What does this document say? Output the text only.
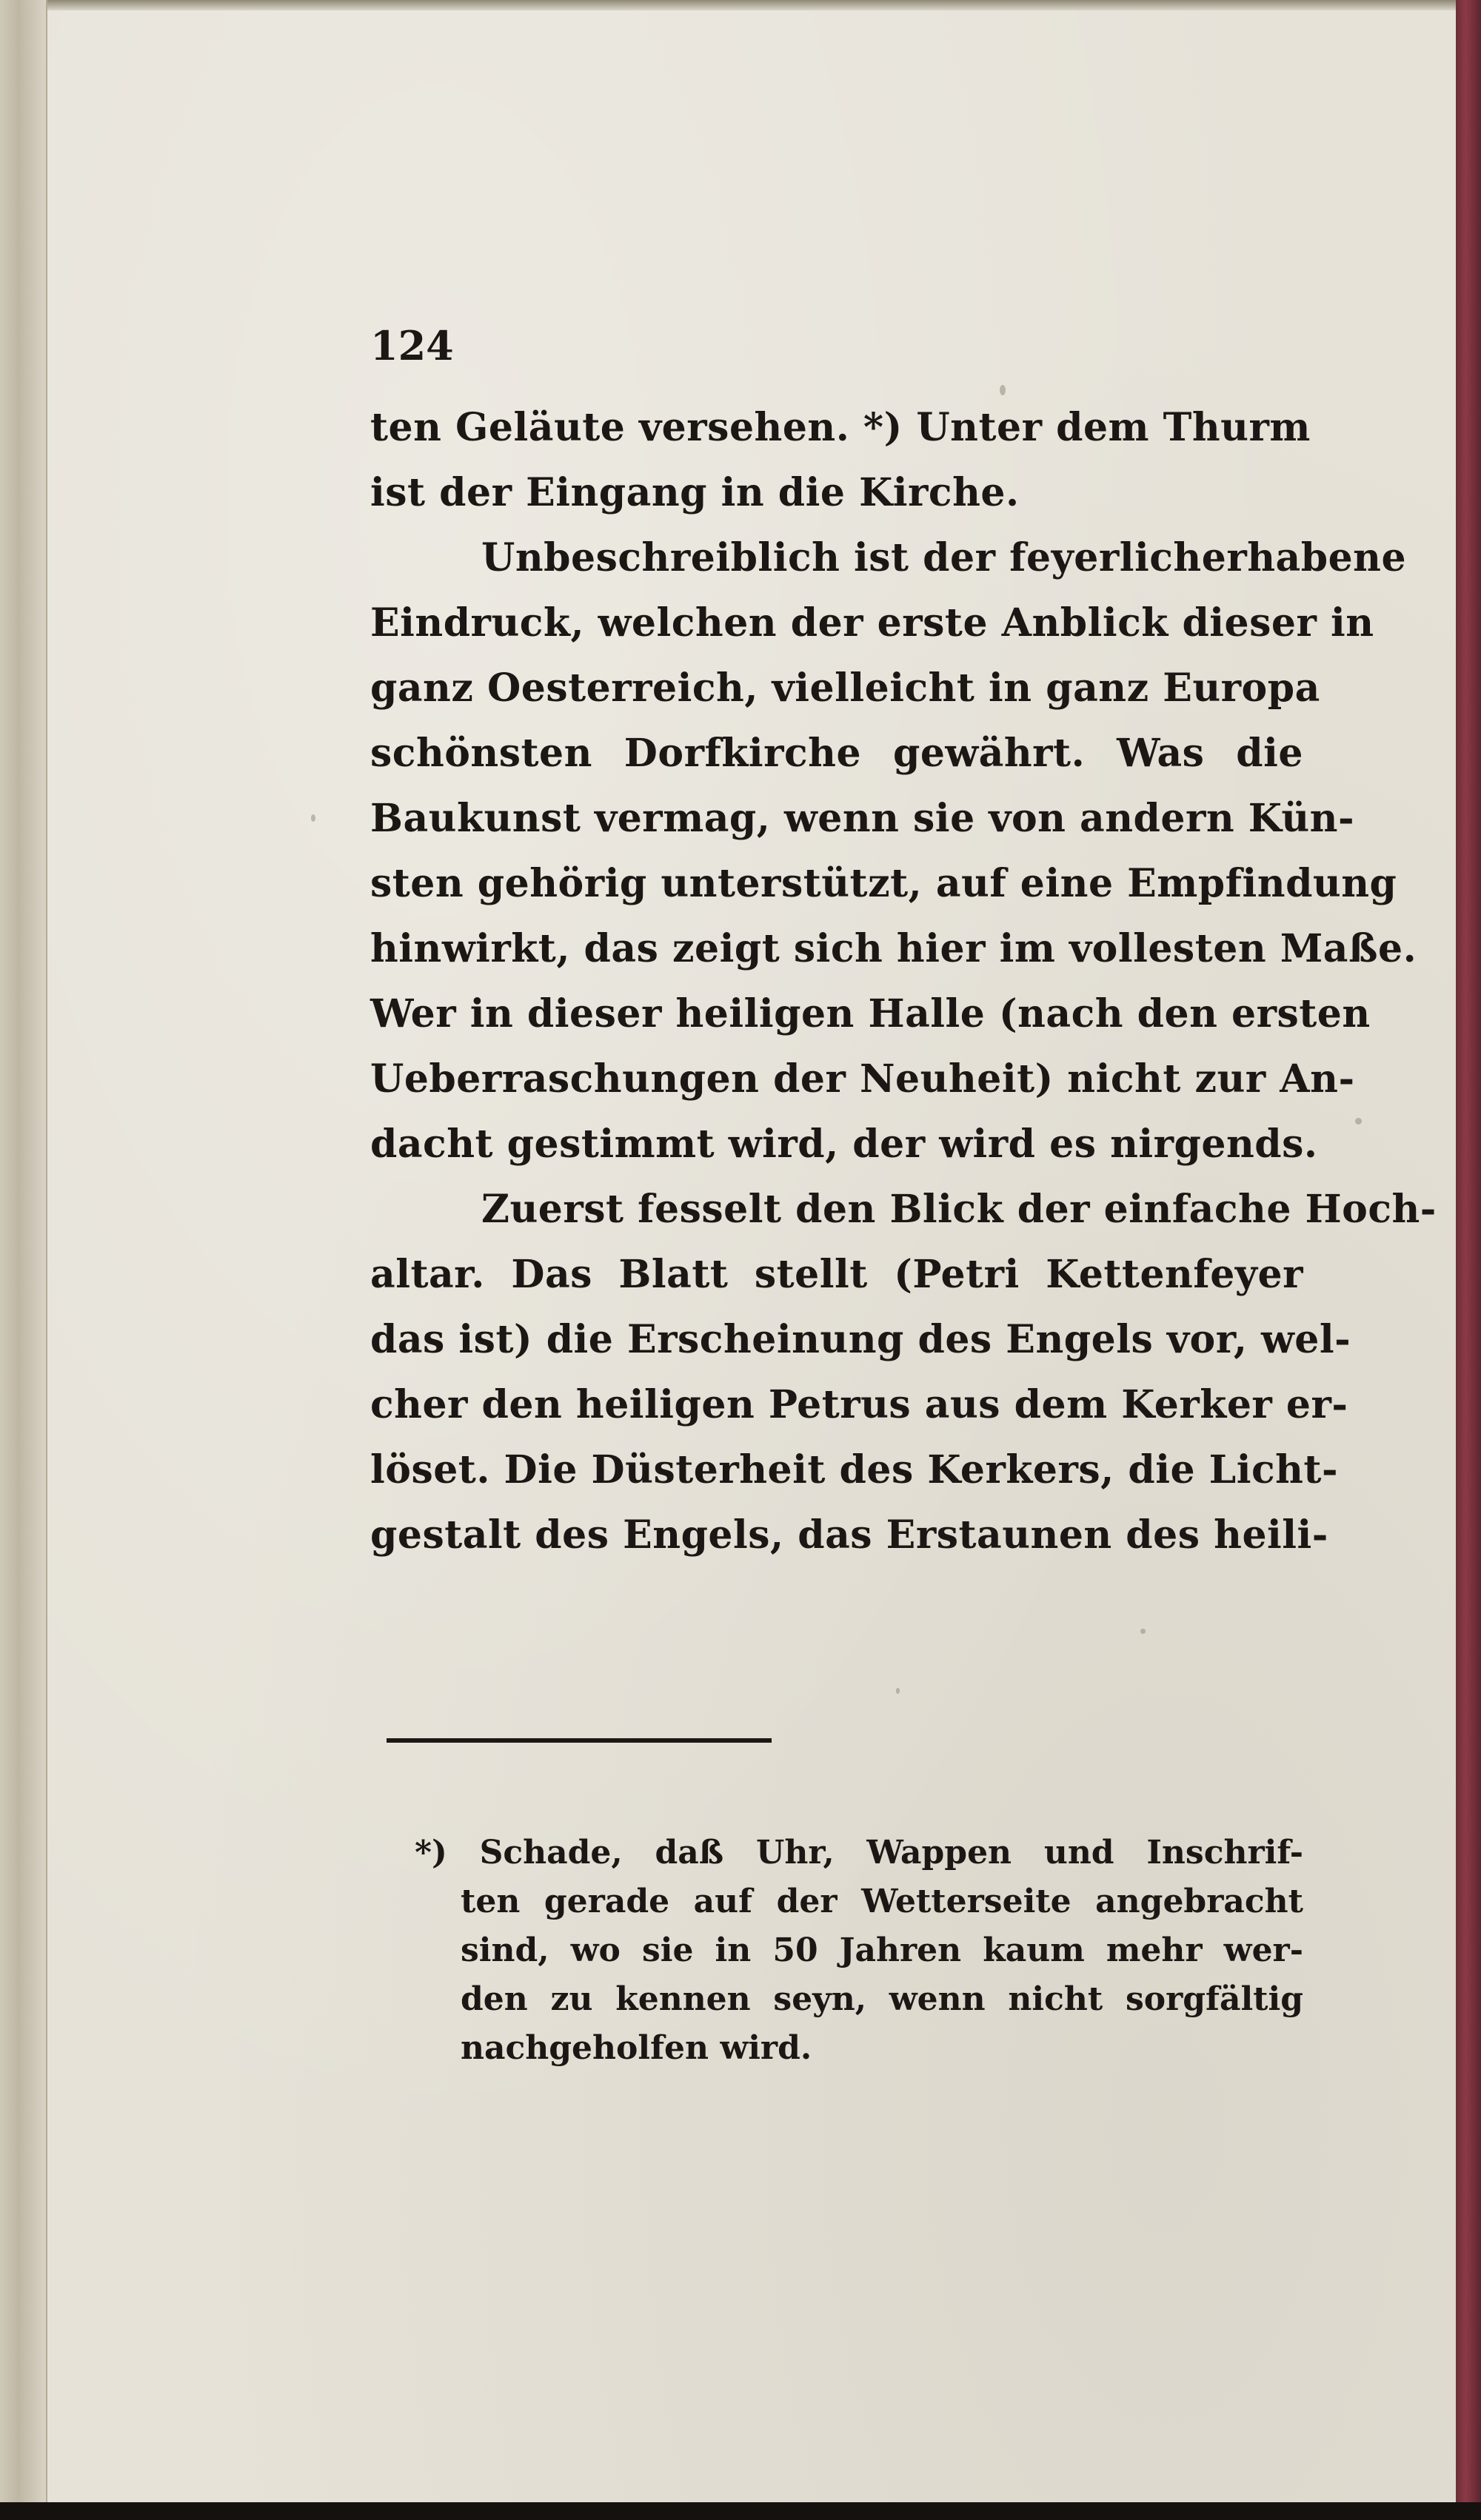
124
ten Geläute versehen. *) Unter dem Thurm
ist der Eingang in die Kirche.
Unbeschreiblich ist der feyerlicherhabene
Eindruck, welchen der erste Anblick dieser in
ganz Oesterreich, vielleicht in ganz Europa
schönsten Dorfkirche gewährt. Was die
Baukunst vermag, wenn sie von andern Kün-
sten gehörig unterstützt, auf eine Empfindung
hinwirkt, das zeigt sich hier im vollesten Maße.
Wer in dieser heiligen Halle (nach den ersten
Ueberraschungen der Neuheit) nicht zur An-
dacht gestimmt wird, der wird es nirgends.
Zuerst fesselt den Blick der einfache Hoch-
altar. Das Blatt stellt (Petri Kettenfeyer
das ist) die Erscheinung des Engels vor, wel-
cher den heiligen Petrus aus dem Kerker er-
löset. Die Düsterheit des Kerkers, die Licht-
gestalt des Engels, das Erstaunen des heili-
*) Schade, daß Uhr, Wappen und Inschrif-
ten gerade auf der Wetterseite angebracht
sind, wo sie in 50 Jahren kaum mehr wer-
den zu kennen seyn, wenn nicht sorgfältig
nachgeholfen wird.
